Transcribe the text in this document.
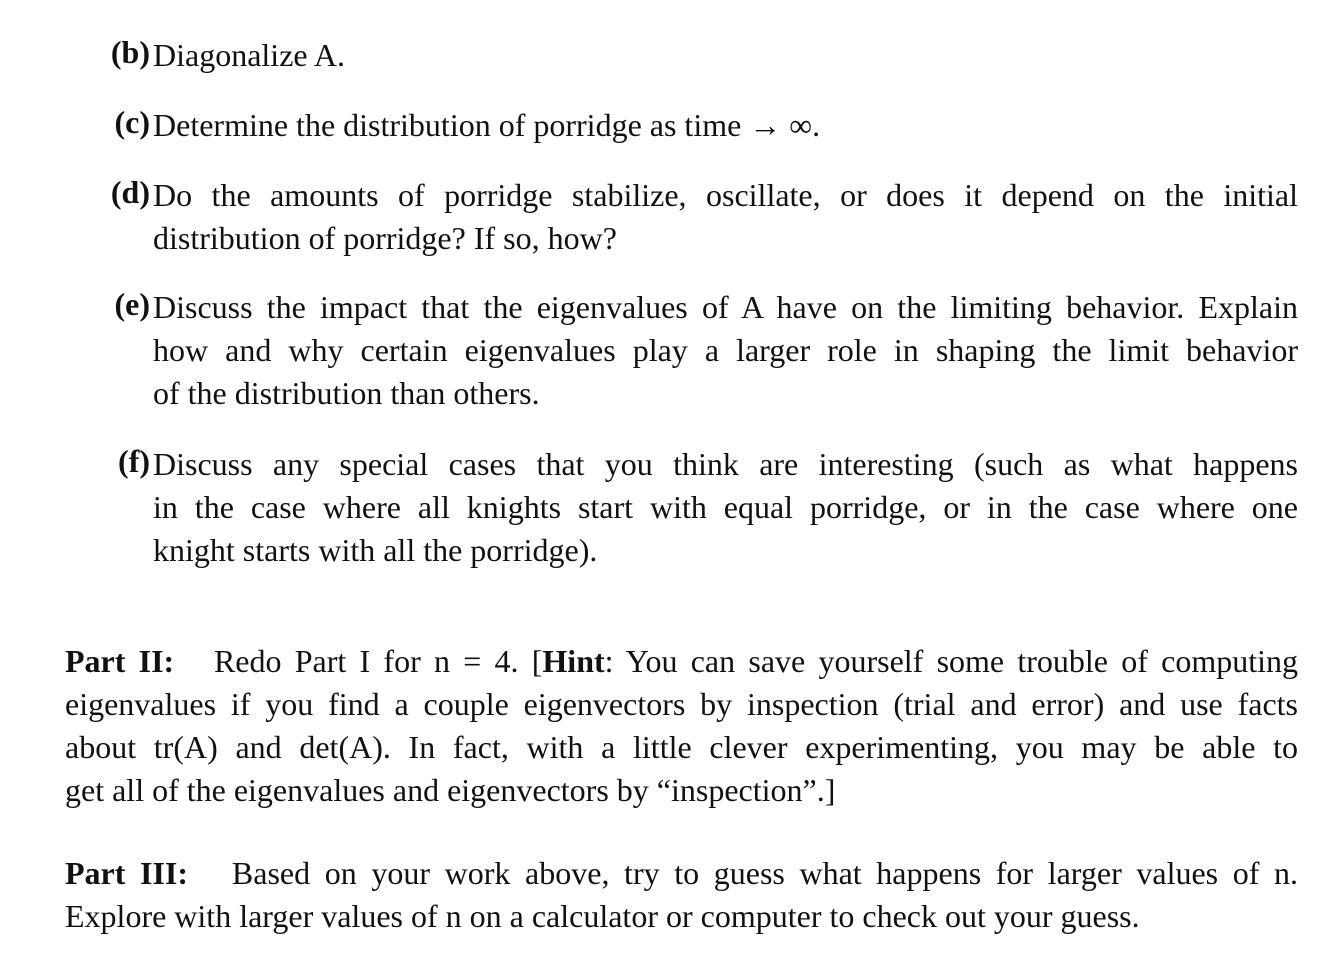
(b) Diagonalize A.
(c) Determine the distribution of porridge as time → ∞.
(d) Do the amounts of porridge stabilize, oscillate, or does it depend on the initial
distribution of porridge? If so, how?
(e) Discuss the impact that the eigenvalues of A have on the limiting behavior. Explain
how and why certain eigenvalues play a larger role in shaping the limit behavior
of the distribution than others.
(f) Discuss any special cases that you think are interesting (such as what happens
in the case where all knights start with equal porridge, or in the case where one
knight starts with all the porridge).
Part II: Redo Part I for n = 4. [Hint: You can save yourself some trouble of computing
eigenvalues if you find a couple eigenvectors by inspection (trial and error) and use facts
about tr(A) and det(A). In fact, with a little clever experimenting, you may be able to
get all of the eigenvalues and eigenvectors by “inspection”.]
Part III: Based on your work above, try to guess what happens for larger values of n.
Explore with larger values of n on a calculator or computer to check out your guess.
